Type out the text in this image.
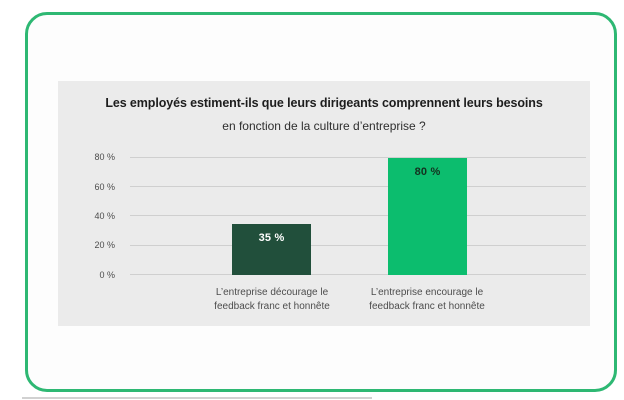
Les employés estiment-ils que leurs dirigeants comprennent leurs besoins
en fonction de la culture d’entreprise ?
35 %
80 %
L’entreprise décourage le feedback franc et honnête
L’entreprise encourage le feedback franc et honnête
0 %
20 %
40 %
60 %
80 %
